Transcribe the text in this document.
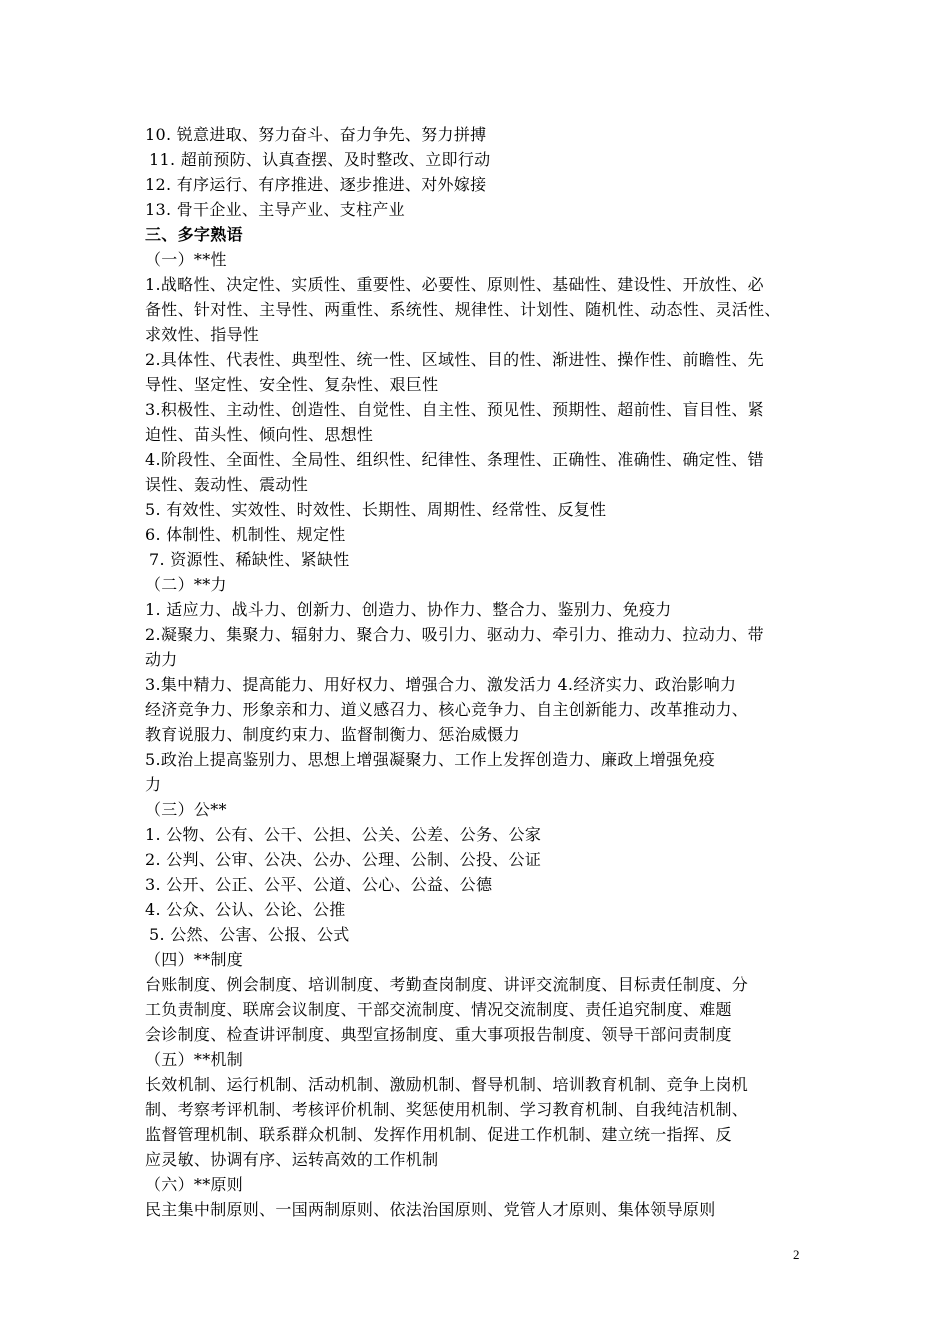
10. 锐意进取、努力奋斗、奋力争先、努力拼搏
11. 超前预防、认真查摆、及时整改、立即行动
12. 有序运行、有序推进、逐步推进、对外嫁接
13. 骨干企业、主导产业、支柱产业
三、多字熟语
（一）**性
1.战略性、决定性、实质性、重要性、必要性、原则性、基础性、建设性、开放性、必
备性、针对性、主导性、两重性、系统性、规律性、计划性、随机性、动态性、灵活性、
求效性、指导性
2.具体性、代表性、典型性、统一性、区域性、目的性、渐进性、操作性、前瞻性、先
导性、坚定性、安全性、复杂性、艰巨性
3.积极性、主动性、创造性、自觉性、自主性、预见性、预期性、超前性、盲目性、紧
迫性、苗头性、倾向性、思想性
4.阶段性、全面性、全局性、组织性、纪律性、条理性、正确性、准确性、确定性、错
误性、轰动性、震动性
5. 有效性、实效性、时效性、长期性、周期性、经常性、反复性
6. 体制性、机制性、规定性
7. 资源性、稀缺性、紧缺性
（二）**力
1. 适应力、战斗力、创新力、创造力、协作力、整合力、鉴别力、免疫力
2.凝聚力、集聚力、辐射力、聚合力、吸引力、驱动力、牵引力、推动力、拉动力、带
动力
3.集中精力、提高能力、用好权力、增强合力、激发活力 4.经济实力、政治影响力
经济竞争力、形象亲和力、道义感召力、核心竞争力、自主创新能力、改革推动力、
教育说服力、制度约束力、监督制衡力、惩治威慑力
5.政治上提高鉴别力、思想上增强凝聚力、工作上发挥创造力、廉政上增强免疫
力
（三）公**
1. 公物、公有、公干、公担、公关、公差、公务、公家
2. 公判、公审、公决、公办、公理、公制、公投、公证
3. 公开、公正、公平、公道、公心、公益、公德
4. 公众、公认、公论、公推
5. 公然、公害、公报、公式
（四）**制度
台账制度、例会制度、培训制度、考勤查岗制度、讲评交流制度、目标责任制度、分
工负责制度、联席会议制度、干部交流制度、情况交流制度、责任追究制度、难题
会诊制度、检查讲评制度、典型宣扬制度、重大事项报告制度、领导干部问责制度
（五）**机制
长效机制、运行机制、活动机制、激励机制、督导机制、培训教育机制、竞争上岗机
制、考察考评机制、考核评价机制、奖惩使用机制、学习教育机制、自我纯洁机制、
监督管理机制、联系群众机制、发挥作用机制、促进工作机制、建立统一指挥、反
应灵敏、协调有序、运转高效的工作机制
（六）**原则
民主集中制原则、一国两制原则、依法治国原则、党管人才原则、集体领导原则
2
